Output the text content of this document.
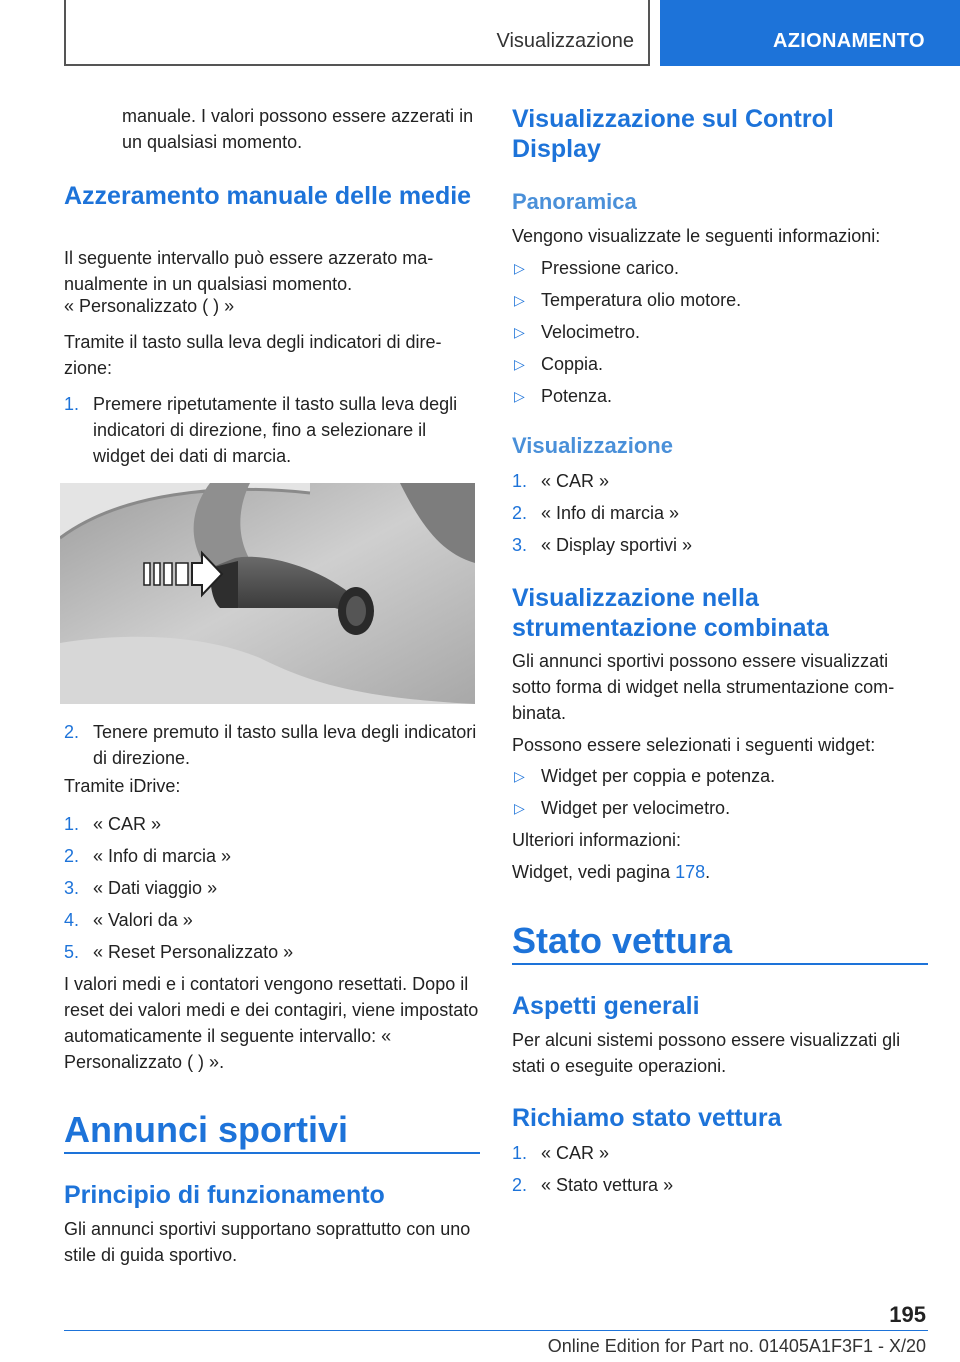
Visualizzazione	AZIONAMENTO
manuale. I valori possono essere azzerati in un qualsiasi momento.
Azzeramento manuale delle medie
Il seguente intervallo può essere azzerato manualmente in un qualsiasi momento.
« Personalizzato ( ) »
Tramite il tasto sulla leva degli indicatori di direzione:
1. Premere ripetutamente il tasto sulla leva degli indicatori di direzione, fino a selezionare il widget dei dati di marcia.
2. Tenere premuto il tasto sulla leva degli indicatori di direzione.
Tramite iDrive:
1. « CAR »
2. « Info di marcia »
3. « Dati viaggio »
4. « Valori da »
5. « Reset Personalizzato »
I valori medi e i contatori vengono resettati. Dopo il reset dei valori medi e dei contagiri, viene impostato automaticamente il seguente intervallo: « Personalizzato ( ) ».
Annunci sportivi
Principio di funzionamento
Gli annunci sportivi supportano soprattutto con uno stile di guida sportivo.
Visualizzazione sul Control Display
Panoramica
Vengono visualizzate le seguenti informazioni:
▷ Pressione carico.
▷ Temperatura olio motore.
▷ Velocimetro.
▷ Coppia.
▷ Potenza.
Visualizzazione
1. « CAR »
2. « Info di marcia »
3. « Display sportivi »
Visualizzazione nella strumentazione combinata
Gli annunci sportivi possono essere visualizzati sotto forma di widget nella strumentazione combinata.
Possono essere selezionati i seguenti widget:
▷ Widget per coppia e potenza.
▷ Widget per velocimetro.
Ulteriori informazioni:
Widget, vedi pagina 178.
Stato vettura
Aspetti generali
Per alcuni sistemi possono essere visualizzati gli stati o eseguite operazioni.
Richiamo stato vettura
1. « CAR »
2. « Stato vettura »
195
Online Edition for Part no. 01405A1F3F1 - X/20
